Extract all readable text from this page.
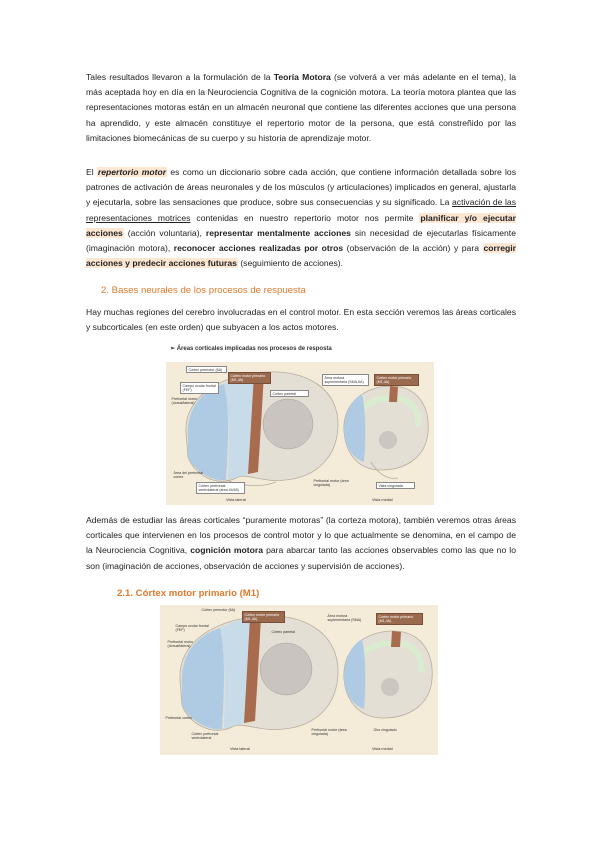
Tales resultados llevaron a la formulación de la Teoría Motora (se volverá a ver más adelante en el tema), la más aceptada hoy en día en la Neurociencia Cognitiva de la cognición motora. La teoría motora plantea que las representaciones motoras están en un almacén neuronal que contiene las diferentes acciones que una persona ha aprendido, y este almacén constituye el repertorio motor de la persona, que está constreñido por las limitaciones biomecánicas de su cuerpo y su historia de aprendizaje motor.
El repertorio motor es como un diccionario sobre cada acción, que contiene información detallada sobre los patrones de activación de áreas neuronales y de los músculos (y articulaciones) implicados en general, ajustarla y ejecutarla, sobre las sensaciones que produce, sobre sus consecuencias y su significado. La activación de las representaciones motrices contenidas en nuestro repertorio motor nos permite planificar y/o ejecutar acciones (acción voluntaria), representar mentalmente acciones sin necesidad de ejecutarlas físicamente (imaginación motora), reconocer acciones realizadas por otros (observación de la acción) y para corregir acciones y predecir acciones futuras (seguimiento de acciones).
2. Bases neurales de los procesos de respuesta
Hay muchas regiones del cerebro involucradas en el control motor. En esta sección veremos las áreas corticales y subcorticales (en este orden) que subyacen a los actos motores.
➢ Áreas corticales implicadas nos procesos de resposta
Córtex premotor (6A)
Córtex motor primario (M1,4A)
Campo ocular frontal (FEF)
Prefrontal motor (dorsal/lateral)
Córtex parietal
Área motora suplementaria (SMA,6A)
Córtex motor primario (M1,4A)
Área del prefrontal cortex
Córtex prefrontal ventrolateral (área 44/45)
Prefrontal motor (área cingulada)	Vista cingulada
Vista lateral	Vista medial
Además de estudiar las áreas corticales “puramente motoras” (la corteza motora), también veremos otras áreas corticales que intervienen en los procesos de control motor y lo que actualmente se denomina, en el campo de la Neurociencia Cognitiva, cognición motora para abarcar tanto las acciones observables como las que no lo son (imaginación de acciones, observación de acciones y supervisión de acciones).
2.1. Córtex motor primario (M1)
Córtex premotor (6A)
Córtex motor primario (M1,4A)
Campo ocular frontal (FEF)
Prefrontal motor (dorsal/lateral)
Córtex parietal
Área motora suplementaria (SMA)
Córtex motor primario (M1,4A)
Prefrontal cortex
Córtex prefrontal ventrolateral
Prefrontal motor (área cingulada)
Giro cingulado
Vista lateral	Vista medial
